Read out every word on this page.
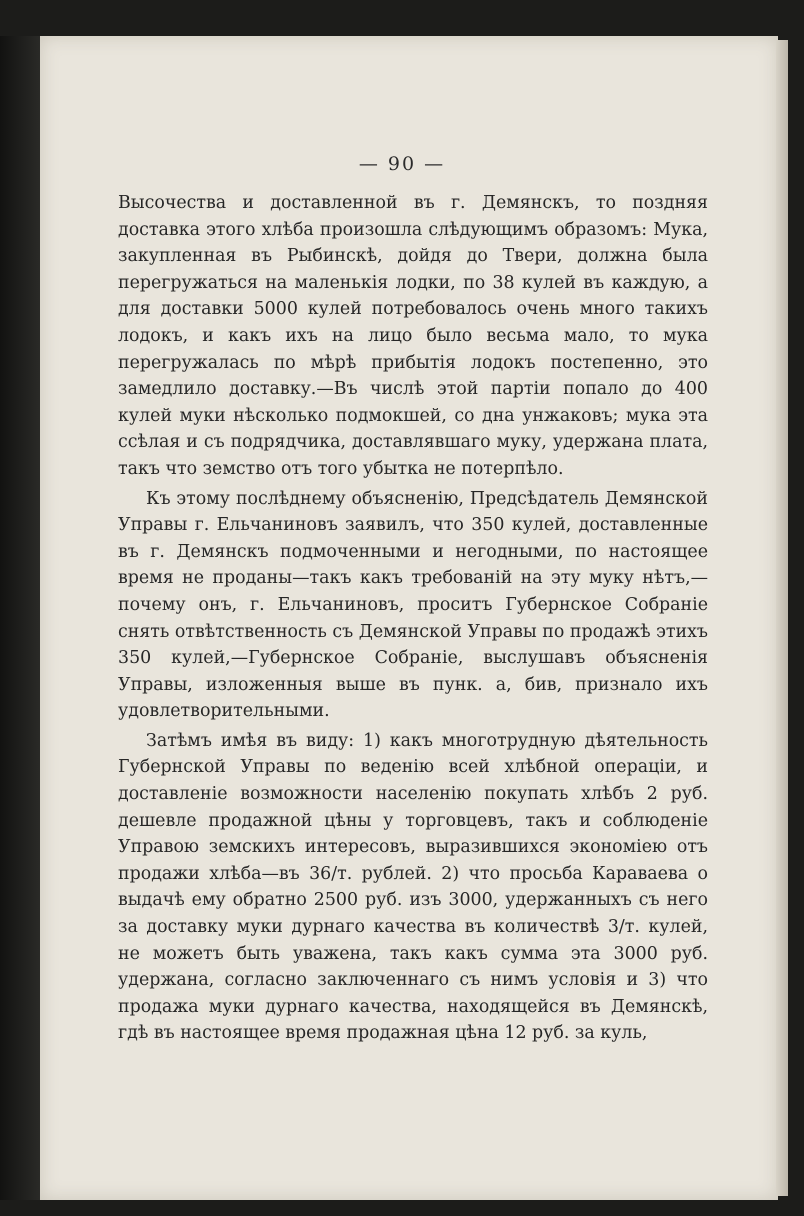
— 90 —

Высочества и доставленной въ г. Демянскъ, то поздняя доставка этого хлѣба произошла слѣдующимъ образомъ: Мука, закупленная въ Рыбинскѣ, дойдя до Твери, должна была перегружаться на маленькія лодки, по 38 кулей въ каждую, а для доставки 5000 кулей потребовалось очень много такихъ лодокъ, и какъ ихъ на лицо было весьма мало, то мука перегружалась по мѣрѣ прибытія лодокъ постепенно, это замедлило доставку.—Въ числѣ этой партіи попало до 400 кулей муки нѣсколько подмокшей, со дна унжаковъ; мука эта ссѣлая и съ подрядчика, доставлявшаго муку, удержана плата, такъ что земство отъ того убытка не потерпѣло.

Къ этому послѣднему объясненію, Предсѣдатель Демянской Управы г. Ельчаниновъ заявилъ, что 350 кулей, доставленные въ г. Демянскъ подмоченными и негодными, по настоящее время не проданы—такъ какъ требованій на эту муку нѣтъ,—почему онъ, г. Ельчаниновъ, проситъ Губернское Собраніе снять отвѣтственность съ Демянской Управы по продажѣ этихъ 350 кулей,—Губернское Собраніе, выслушавъ объясненія Управы, изложенныя выше въ пунк. а, бив, признало ихъ удовлетворительными.

Затѣмъ имѣя въ виду: 1) какъ многотрудную дѣятельность Губернской Управы по веденію всей хлѣбной операціи, и доставленіе возможности населенію покупать хлѣбъ 2 руб. дешевле продажной цѣны у торговцевъ, такъ и соблюденіе Управою земскихъ интересовъ, выразившихся экономіею отъ продажи хлѣба—въ 36/т. рублей. 2) что просьба Караваева о выдачѣ ему обратно 2500 руб. изъ 3000, удержанныхъ съ него за доставку муки дурнаго качества въ количествѣ 3/т. кулей, не можетъ быть уважена, такъ какъ сумма эта 3000 руб. удержана, согласно заключеннаго съ нимъ условія и 3) что продажа муки дурнаго качества, находящейся въ Демянскѣ, гдѣ въ настоящее время продажная цѣна 12 руб. за куль,
